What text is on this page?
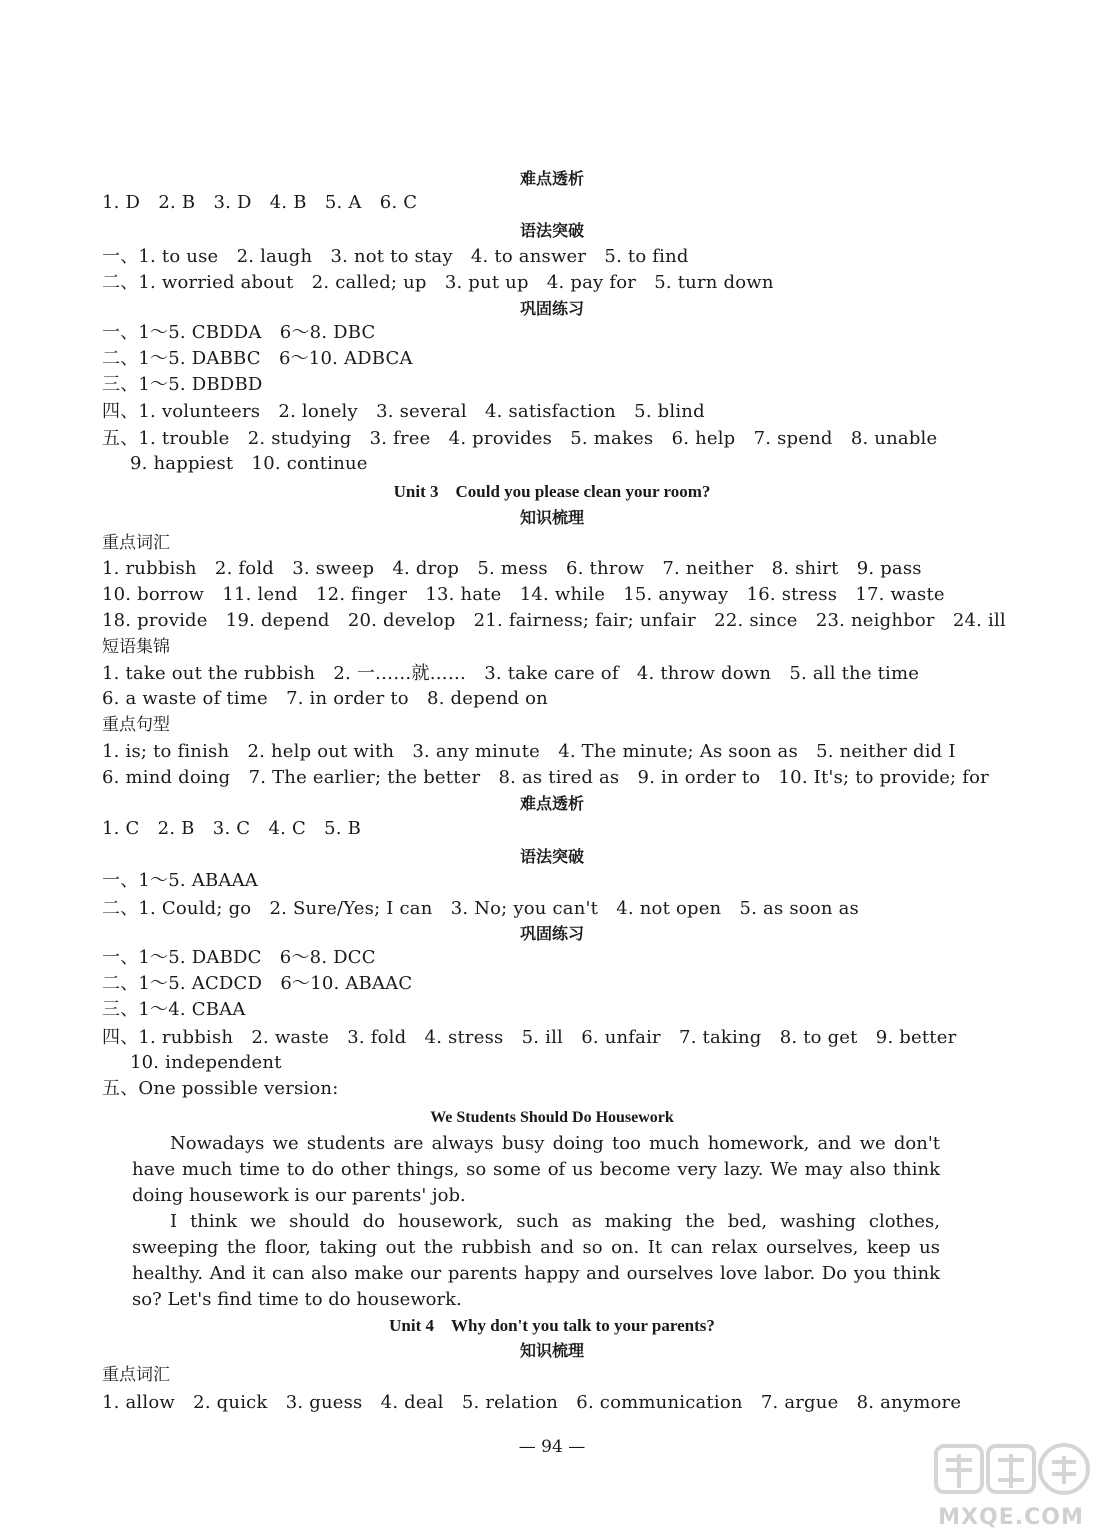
难点透析
1. D　2. B　3. D　4. B　5. A　6. C
语法突破
一、1. to use　2. laugh　3. not to stay　4. to answer　5. to find
二、1. worried about　2. called; up　3. put up　4. pay for　5. turn down
巩固练习
一、1～5. CBDDA　6～8. DBC
二、1～5. DABBC　6～10. ADBCA
三、1～5. DBDBD
四、1. volunteers　2. lonely　3. several　4. satisfaction　5. blind
五、1. trouble　2. studying　3. free　4. provides　5. makes　6. help　7. spend　8. unable
9. happiest　10. continue
Unit 3　Could you please clean your room?
知识梳理
重点词汇
1. rubbish　2. fold　3. sweep　4. drop　5. mess　6. throw　7. neither　8. shirt　9. pass
10. borrow　11. lend　12. finger　13. hate　14. while　15. anyway　16. stress　17. waste
18. provide　19. depend　20. develop　21. fairness; fair; unfair　22. since　23. neighbor　24. ill
短语集锦
1. take out the rubbish　2. 一……就……　3. take care of　4. throw down　5. all the time
6. a waste of time　7. in order to　8. depend on
重点句型
1. is; to finish　2. help out with　3. any minute　4. The minute; As soon as　5. neither did I
6. mind doing　7. The earlier; the better　8. as tired as　9. in order to　10. It's; to provide; for
难点透析
1. C　2. B　3. C　4. C　5. B
语法突破
一、1～5. ABAAA
二、1. Could; go　2. Sure/Yes; I can　3. No; you can't　4. not open　5. as soon as
巩固练习
一、1～5. DABDC　6～8. DCC
二、1～5. ACDCD　6～10. ABAAC
三、1～4. CBAA
四、1. rubbish　2. waste　3. fold　4. stress　5. ill　6. unfair　7. taking　8. to get　9. better
10. independent
五、One possible version:
We Students Should Do Housework
Nowadays we students are always busy doing too much homework, and we don't have much time to do other things, so some of us become very lazy. We may also think doing housework is our parents' job.
I think we should do housework, such as making the bed, washing clothes, sweeping the floor, taking out the rubbish and so on. It can relax ourselves, keep us healthy. And it can also make our parents happy and ourselves love labor. Do you think so? Let's find time to do housework.
Unit 4　Why don't you talk to your parents?
知识梳理
重点词汇
1. allow　2. quick　3. guess　4. deal　5. relation　6. communication　7. argue　8. anymore
— 94 —
MXQE.COM
